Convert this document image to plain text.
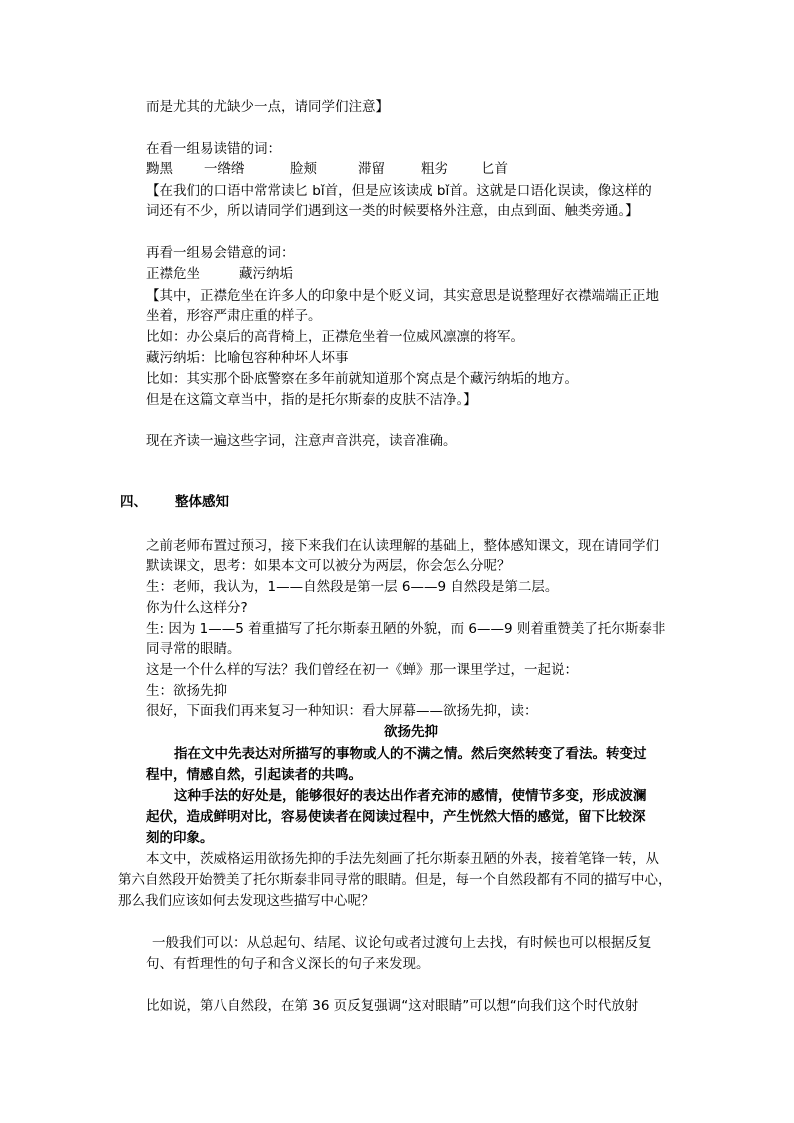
而是尤其的尤缺少一点，请同学们注意】

在看一组易读错的词：

黝黑 一绺绺	脸颊	滞留	粗劣 匕首

【在我们的口语中常常读匕 bǐ首，但是应该读成 bǐ首。这就是口语化误读，像这样的

词还有不少，所以请同学们遇到这一类的时候要格外注意，由点到面、触类旁通。】

再看一组易会错意的词：

正襟危坐	藏污纳垢

【其中，正襟危坐在许多人的印象中是个贬义词，其实意思是说整理好衣襟端端正正地

坐着，形容严肃庄重的样子。

比如：办公桌后的高背椅上，正襟危坐着一位威风凛凛的将军。

藏污纳垢：比喻包容种种坏人坏事

比如：其实那个卧底警察在多年前就知道那个窝点是个藏污纳垢的地方。

但是在这篇文章当中，指的是托尔斯泰的皮肤不洁净。】

现在齐读一遍这些字词，注意声音洪亮，读音准确。

四、 整体感知

之前老师布置过预习，接下来我们在认读理解的基础上，整体感知课文，现在请同学们

默读课文，思考：如果本文可以被分为两层，你会怎么分呢？

生：老师，我认为，1——自然段是第一层 6——9 自然段是第二层。

你为什么这样分?

生: 因为 1——5 着重描写了托尔斯泰丑陋的外貌，而 6——9 则着重赞美了托尔斯泰非

同寻常的眼睛。

这是一个什么样的写法？我们曾经在初一《蝉》那一课里学过，一起说：

生：欲扬先抑

很好，下面我们再来复习一种知识：看大屏幕——欲扬先抑，读：

欲扬先抑

指在文中先表达对所描写的事物或人的不满之情。然后突然转变了看法。转变过

程中，情感自然，引起读者的共鸣。

这种手法的好处是，能够很好的表达出作者充沛的感情，使情节多变，形成波澜

起伏，造成鲜明对比，容易使读者在阅读过程中，产生恍然大悟的感觉，留下比较深

刻的印象。

本文中，茨威格运用欲扬先抑的手法先刻画了托尔斯泰丑陋的外表，接着笔锋一转，从

第六自然段开始赞美了托尔斯泰非同寻常的眼睛。但是，每一个自然段都有不同的描写中心，

那么我们应该如何去发现这些描写中心呢？

一般我们可以：从总起句、结尾、议论句或者过渡句上去找，有时候也可以根据反复

句、有哲理性的句子和含义深长的句子来发现。

比如说，第八自然段，在第 36 页反复强调“这对眼睛”可以想“向我们这个时代放射
